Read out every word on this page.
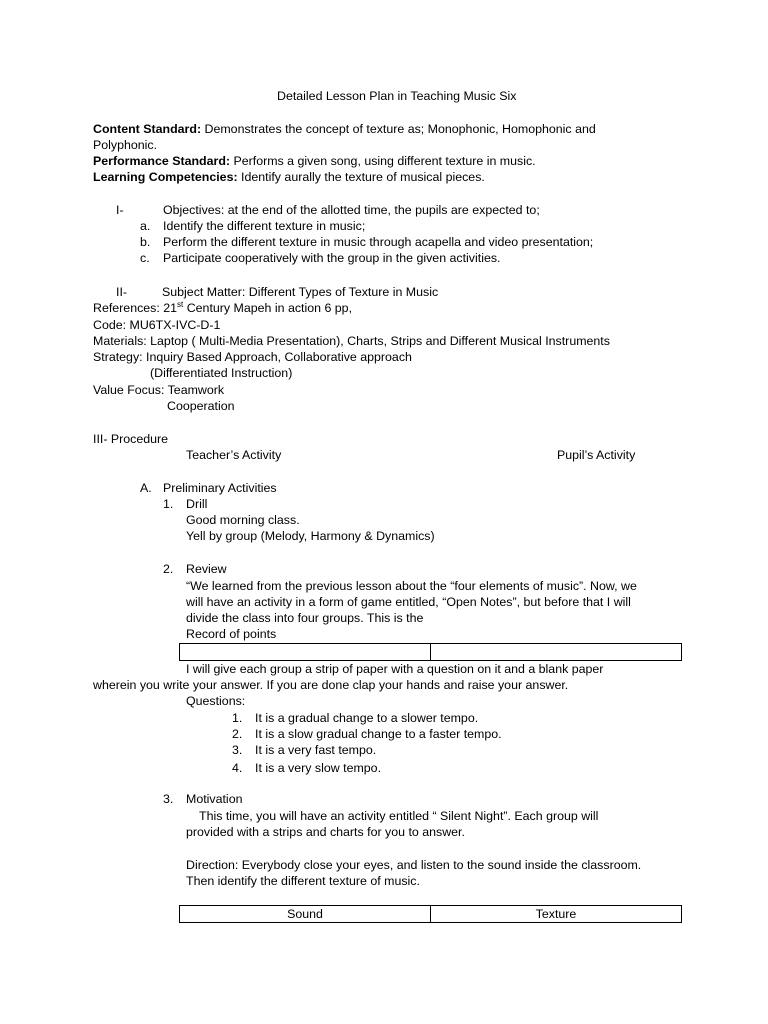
Detailed Lesson Plan in Teaching Music Six
Content Standard: Demonstrates the concept of texture as; Monophonic, Homophonic and
Polyphonic.
Performance Standard: Performs a given song, using different texture in music.
Learning Competencies: Identify aurally the texture of musical pieces.
I-	Objectives: at the end of the allotted time, the pupils are expected to;
a. Identify the different texture in music;
b. Perform the different texture in music through acapella and video presentation;
c. Participate cooperatively with the group in the given activities.
II-	Subject Matter: Different Types of Texture in Music
References: 21st Century Mapeh in action 6 pp,
Code: MU6TX-IVC-D-1
Materials: Laptop ( Multi-Media Presentation), Charts, Strips and Different Musical Instruments
Strategy: Inquiry Based Approach, Collaborative approach
(Differentiated Instruction)
Value Focus: Teamwork
Cooperation
III- Procedure
Teacher’s Activity	Pupil’s Activity
A. Preliminary Activities
1. Drill
Good morning class.
Yell by group (Melody, Harmony & Dynamics)
2. Review
“We learned from the previous lesson about the “four elements of music”. Now, we
will have an activity in a form of game entitled, “Open Notes”, but before that I will
divide the class into four groups. This is the
Record of points
I will give each group a strip of paper with a question on it and a blank paper
wherein you write your answer. If you are done clap your hands and raise your answer.
Questions:
1. It is a gradual change to a slower tempo.
2. It is a slow gradual change to a faster tempo.
3. It is a very fast tempo.
4. It is a very slow tempo.
3. Motivation
This time, you will have an activity entitled “ Silent Night”. Each group will
provided with a strips and charts for you to answer.
Direction: Everybody close your eyes, and listen to the sound inside the classroom.
Then identify the different texture of music.
Sound	Texture
